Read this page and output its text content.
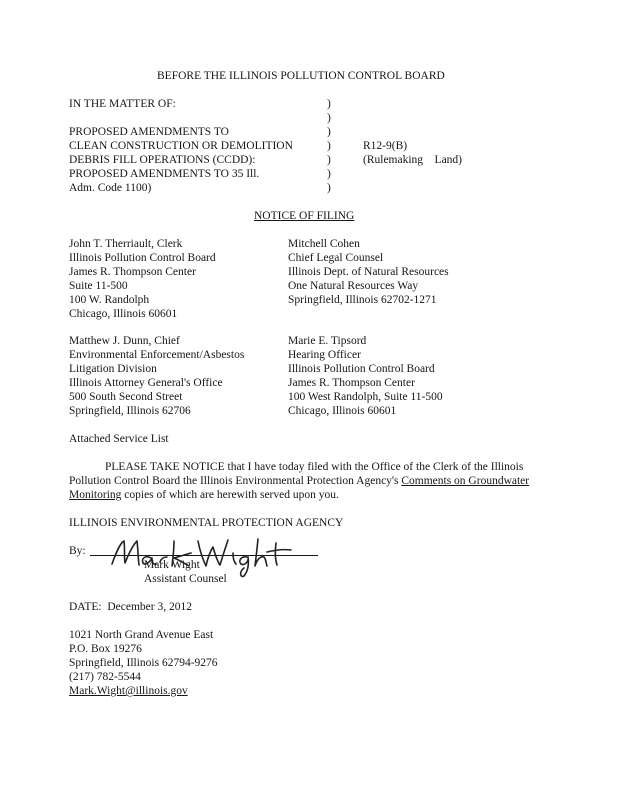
BEFORE THE ILLINOIS POLLUTION CONTROL BOARD
IN THE MATTER OF:
PROPOSED AMENDMENTS TO
CLEAN CONSTRUCTION OR DEMOLITION
DEBRIS FILL OPERATIONS (CCDD):
PROPOSED AMENDMENTS TO 35 Ill.
Adm. Code 1100)
)
)
)
)
)
)
)
R12-9(B)
(Rulemaking    Land)
NOTICE OF FILING
John T. Therriault, Clerk
Illinois Pollution Control Board
James R. Thompson Center
Suite 11-500
100 W. Randolph
Chicago, Illinois 60601
Mitchell Cohen
Chief Legal Counsel
Illinois Dept. of Natural Resources
One Natural Resources Way
Springfield, Illinois 62702-1271
Matthew J. Dunn, Chief
Environmental Enforcement/Asbestos
Litigation Division
Illinois Attorney General's Office
500 South Second Street
Springfield, Illinois 62706
Marie E. Tipsord
Hearing Officer
Illinois Pollution Control Board
James R. Thompson Center
100 West Randolph, Suite 11-500
Chicago, Illinois 60601
Attached Service List
PLEASE TAKE NOTICE that I have today filed with the Office of the Clerk of the Illinois Pollution Control Board the Illinois Environmental Protection Agency's Comments on Groundwater Monitoring copies of which are herewith served upon you.
ILLINOIS ENVIRONMENTAL PROTECTION AGENCY
By:
Mark Wight
Assistant Counsel
DATE:  December 3, 2012
1021 North Grand Avenue East
P.O. Box 19276
Springfield, Illinois 62794-9276
(217) 782-5544
Mark.Wight@illinois.gov
